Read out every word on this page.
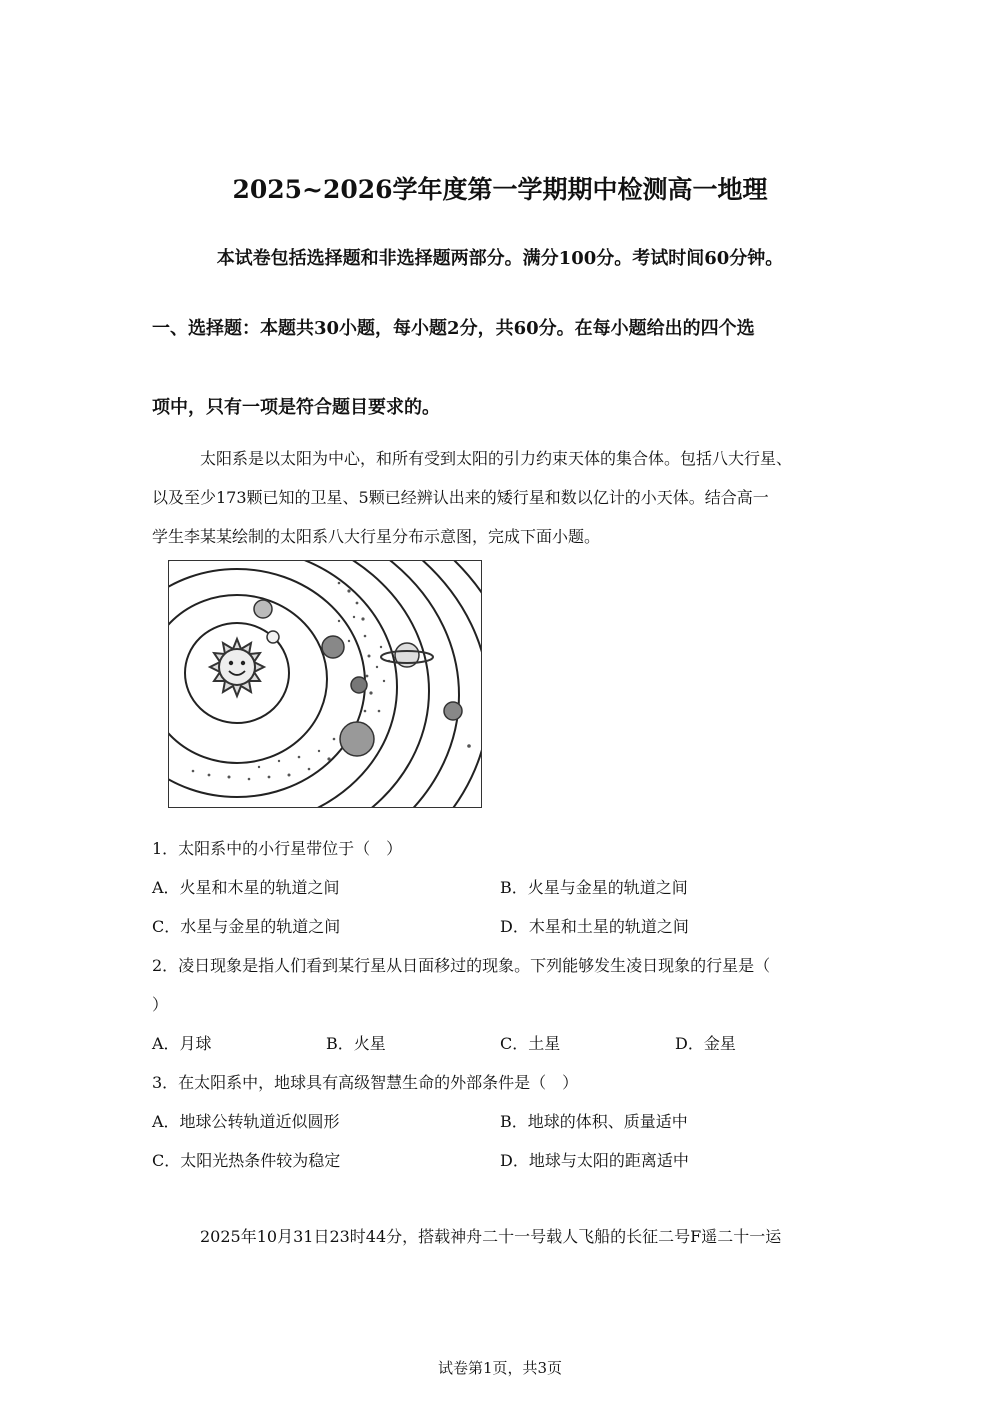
2025~2026学年度第一学期期中检测高一地理
本试卷包括选择题和非选择题两部分。满分100分。考试时间60分钟。
一、选择题：本题共30小题，每小题2分，共60分。在每小题给出的四个选
项中，只有一项是符合题目要求的。
太阳系是以太阳为中心，和所有受到太阳的引力约束天体的集合体。包括八大行星、
以及至少173颗已知的卫星、5颗已经辨认出来的矮行星和数以亿计的小天体。结合高一
学生李某某绘制的太阳系八大行星分布示意图，完成下面小题。
1．太阳系中的小行星带位于（　）
A．火星和木星的轨道之间	B．火星与金星的轨道之间
C．水星与金星的轨道之间	D．木星和土星的轨道之间
2．凌日现象是指人们看到某行星从日面移过的现象。下列能够发生凌日现象的行星是（
）
A．月球	B．火星	C．土星	D．金星
3．在太阳系中，地球具有高级智慧生命的外部条件是（　）
A．地球公转轨道近似圆形	B．地球的体积、质量适中
C．太阳光热条件较为稳定	D．地球与太阳的距离适中
2025年10月31日23时44分，搭载神舟二十一号载人飞船的长征二号F遥二十一运
试卷第1页，共3页
